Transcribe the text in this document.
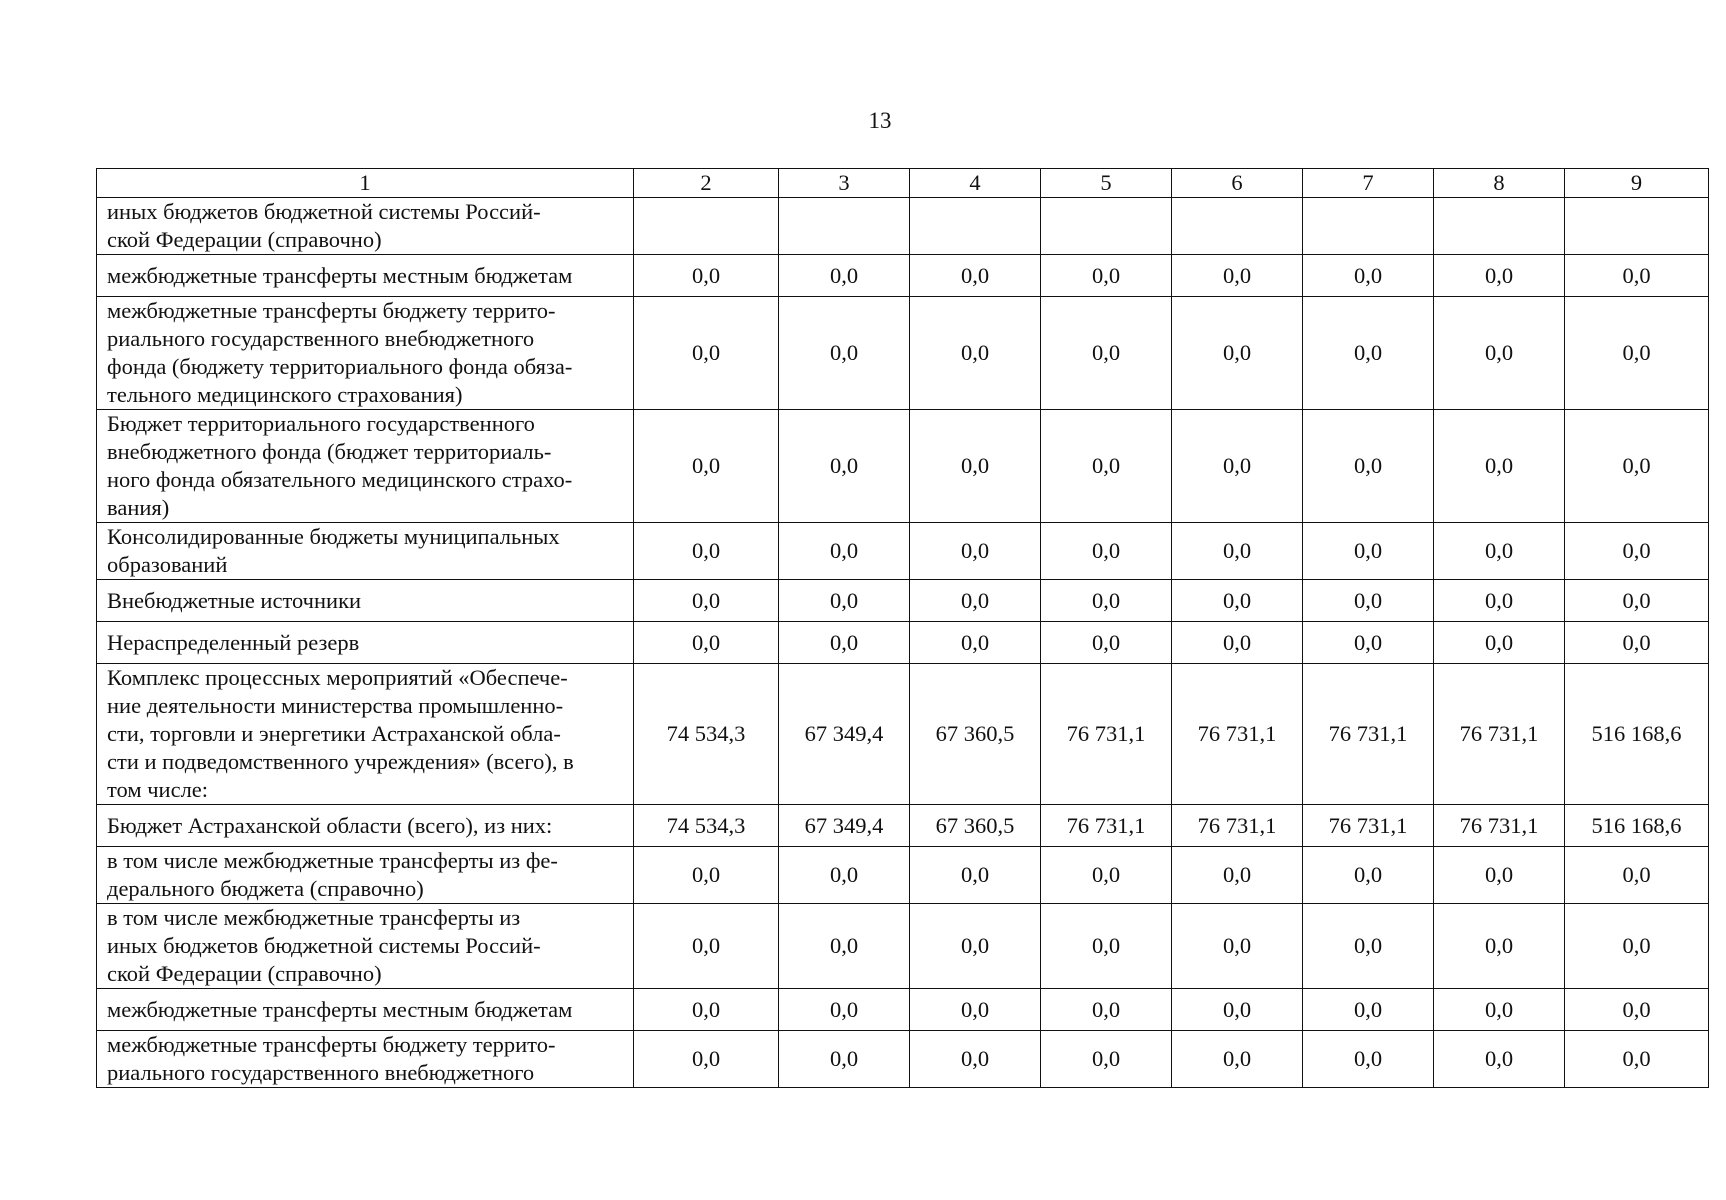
13
1	2	3	4	5	6	7	8	9
иных бюджетов бюджетной системы Россий-
ской Федерации (справочно)								
межбюджетные трансферты местным бюджетам	0,0	0,0	0,0	0,0	0,0	0,0	0,0	0,0
межбюджетные трансферты бюджету террито-
риального государственного внебюджетного
фонда (бюджету территориального фонда обяза-
тельного медицинского страхования)	0,0	0,0	0,0	0,0	0,0	0,0	0,0	0,0
Бюджет территориального государственного
внебюджетного фонда (бюджет территориаль-
ного фонда обязательного медицинского страхо-
вания)	0,0	0,0	0,0	0,0	0,0	0,0	0,0	0,0
Консолидированные бюджеты муниципальных
образований	0,0	0,0	0,0	0,0	0,0	0,0	0,0	0,0
Внебюджетные источники	0,0	0,0	0,0	0,0	0,0	0,0	0,0	0,0
Нераспределенный резерв	0,0	0,0	0,0	0,0	0,0	0,0	0,0	0,0
Комплекс процессных мероприятий «Обеспече-
ние деятельности министерства промышленно-
сти, торговли и энергетики Астраханской обла-
сти и подведомственного учреждения» (всего), в
том числе:	74 534,3	67 349,4	67 360,5	76 731,1	76 731,1	76 731,1	76 731,1	516 168,6
Бюджет Астраханской области (всего), из них:	74 534,3	67 349,4	67 360,5	76 731,1	76 731,1	76 731,1	76 731,1	516 168,6
в том числе межбюджетные трансферты из фе-
дерального бюджета (справочно)	0,0	0,0	0,0	0,0	0,0	0,0	0,0	0,0
в том числе межбюджетные трансферты из
иных бюджетов бюджетной системы Россий-
ской Федерации (справочно)	0,0	0,0	0,0	0,0	0,0	0,0	0,0	0,0
межбюджетные трансферты местным бюджетам	0,0	0,0	0,0	0,0	0,0	0,0	0,0	0,0
межбюджетные трансферты бюджету террито-
риального государственного внебюджетного	0,0	0,0	0,0	0,0	0,0	0,0	0,0	0,0
